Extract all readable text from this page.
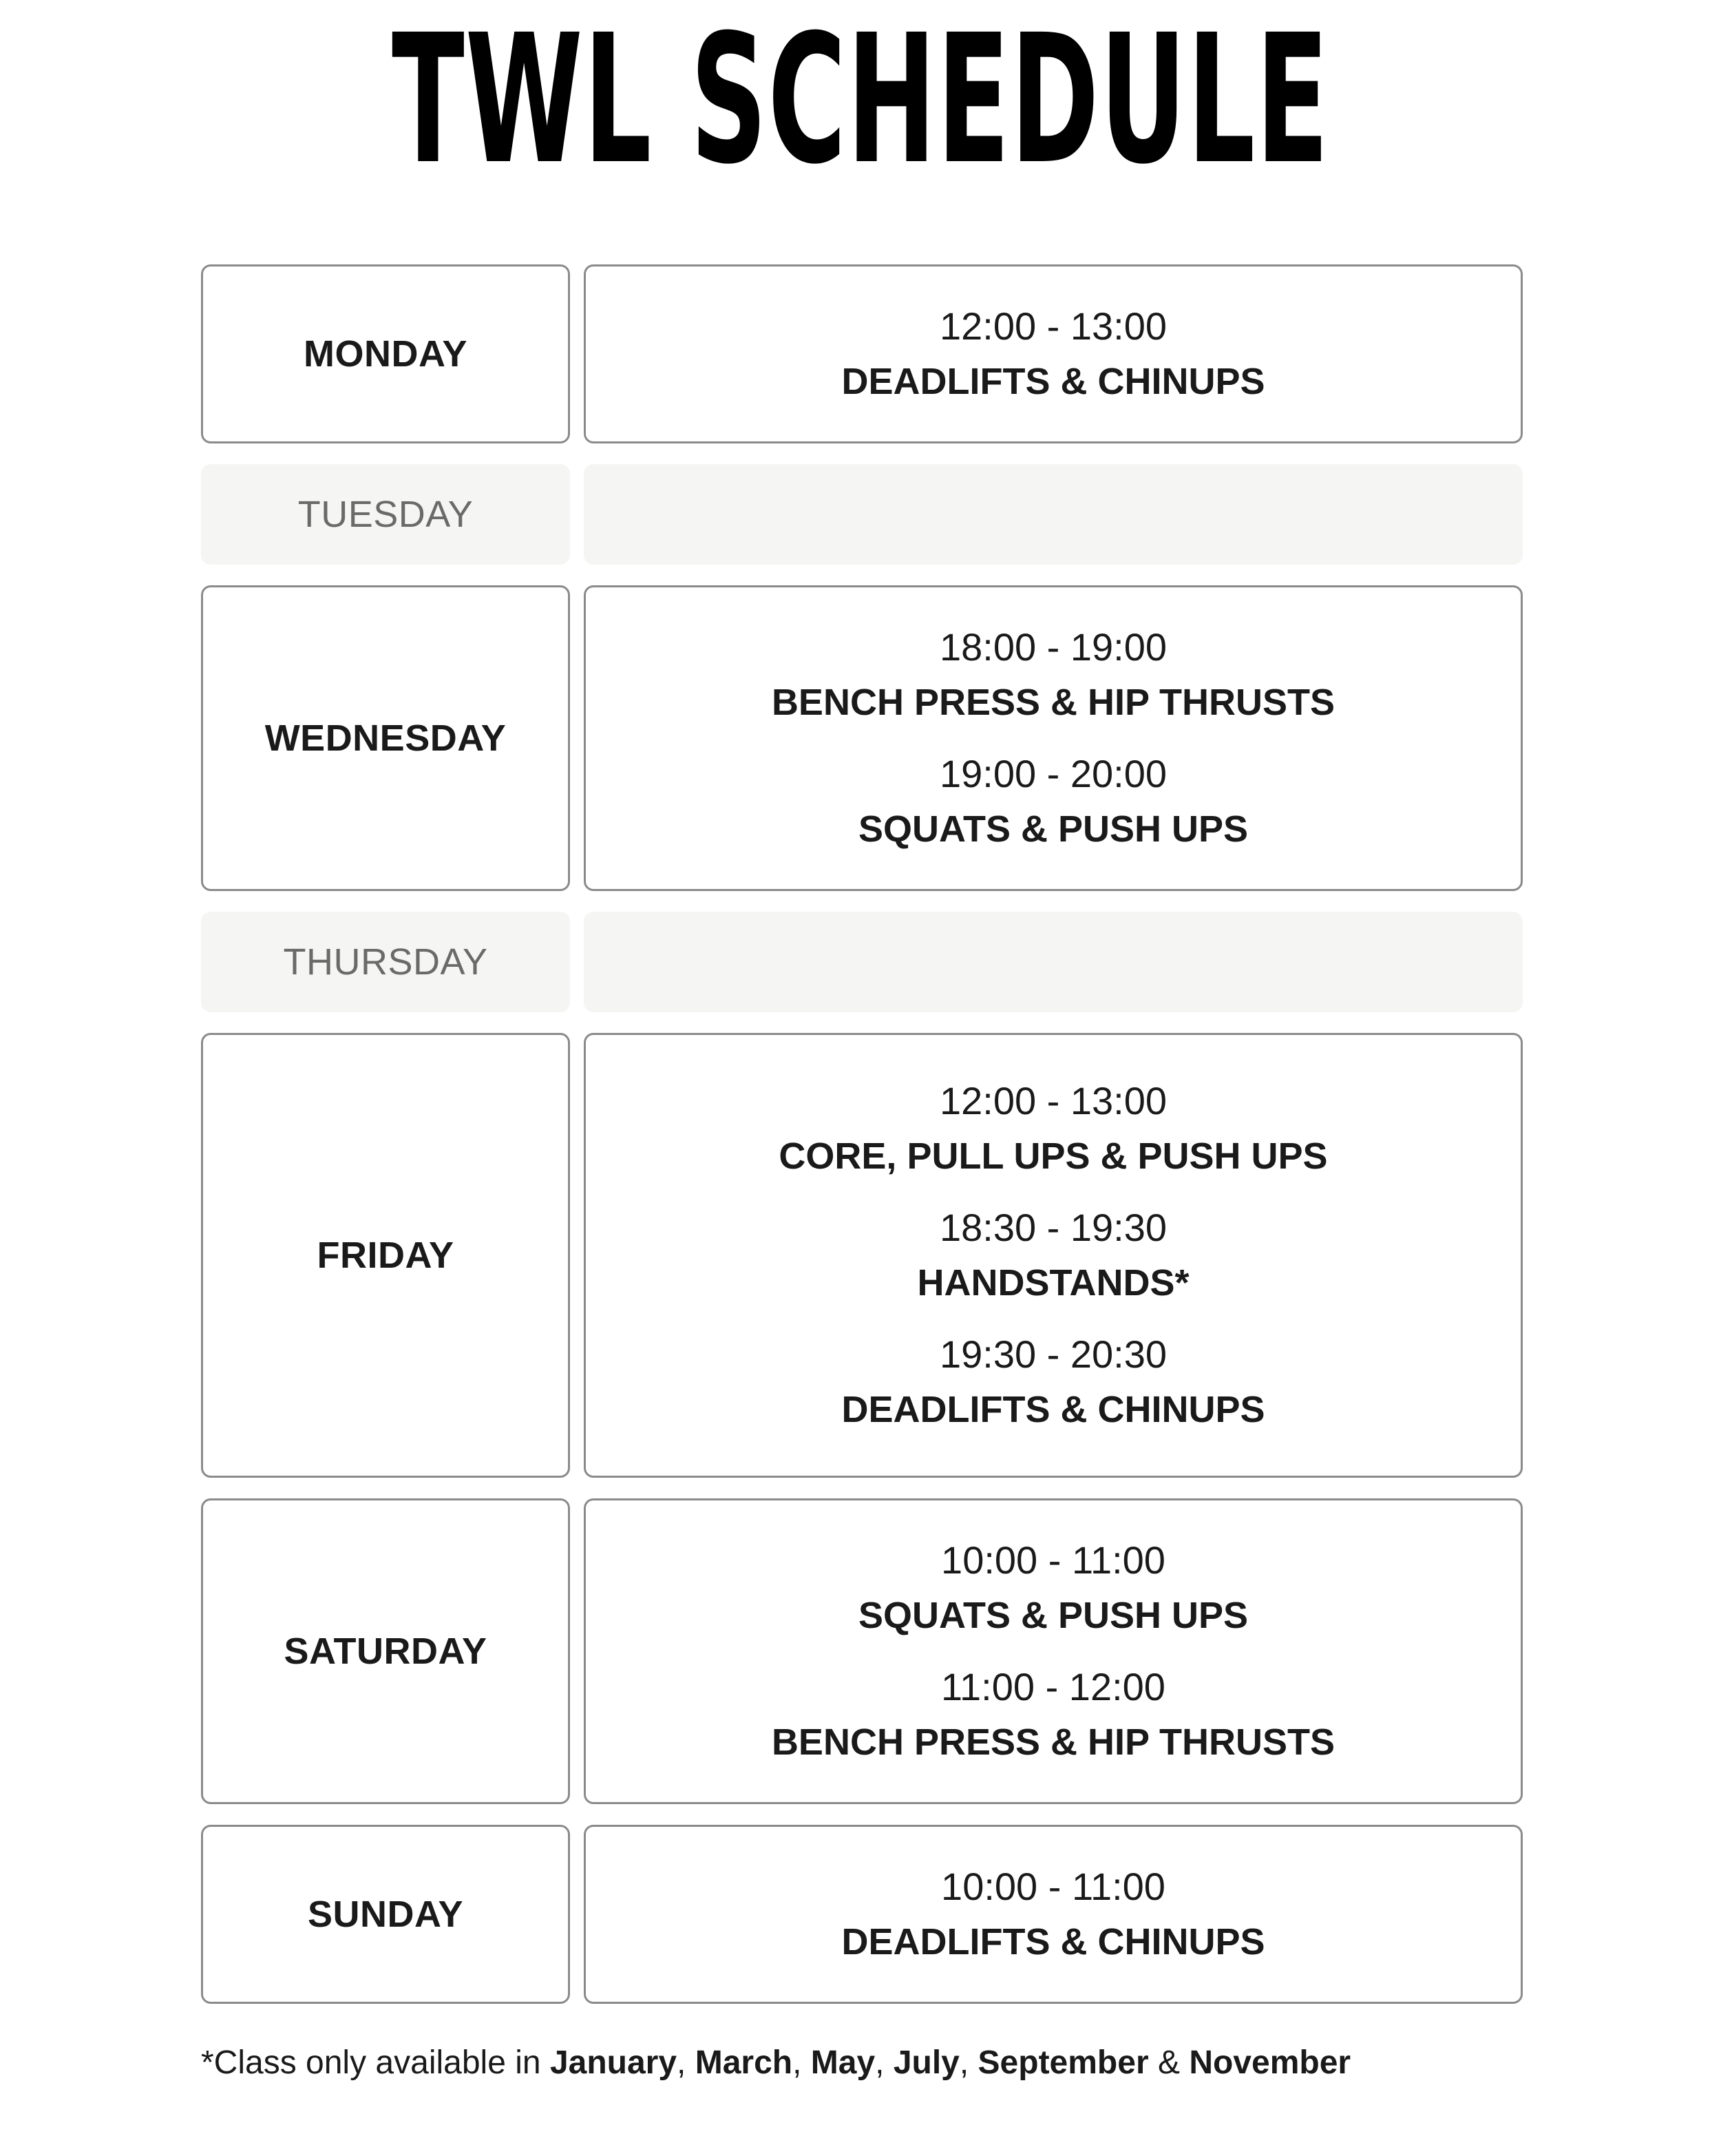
TWL SCHEDULE
MONDAY
12:00 - 13:00
DEADLIFTS & CHINUPS
TUESDAY
WEDNESDAY
18:00 - 19:00
BENCH PRESS & HIP THRUSTS
19:00 - 20:00
SQUATS & PUSH UPS
THURSDAY
FRIDAY
12:00 - 13:00
CORE, PULL UPS & PUSH UPS
18:30 - 19:30
HANDSTANDS*
19:30 - 20:30
DEADLIFTS & CHINUPS
SATURDAY
10:00 - 11:00
SQUATS & PUSH UPS
11:00 - 12:00
BENCH PRESS & HIP THRUSTS
SUNDAY
10:00 - 11:00
DEADLIFTS & CHINUPS
*Class only available in January, March, May, July, September & November
